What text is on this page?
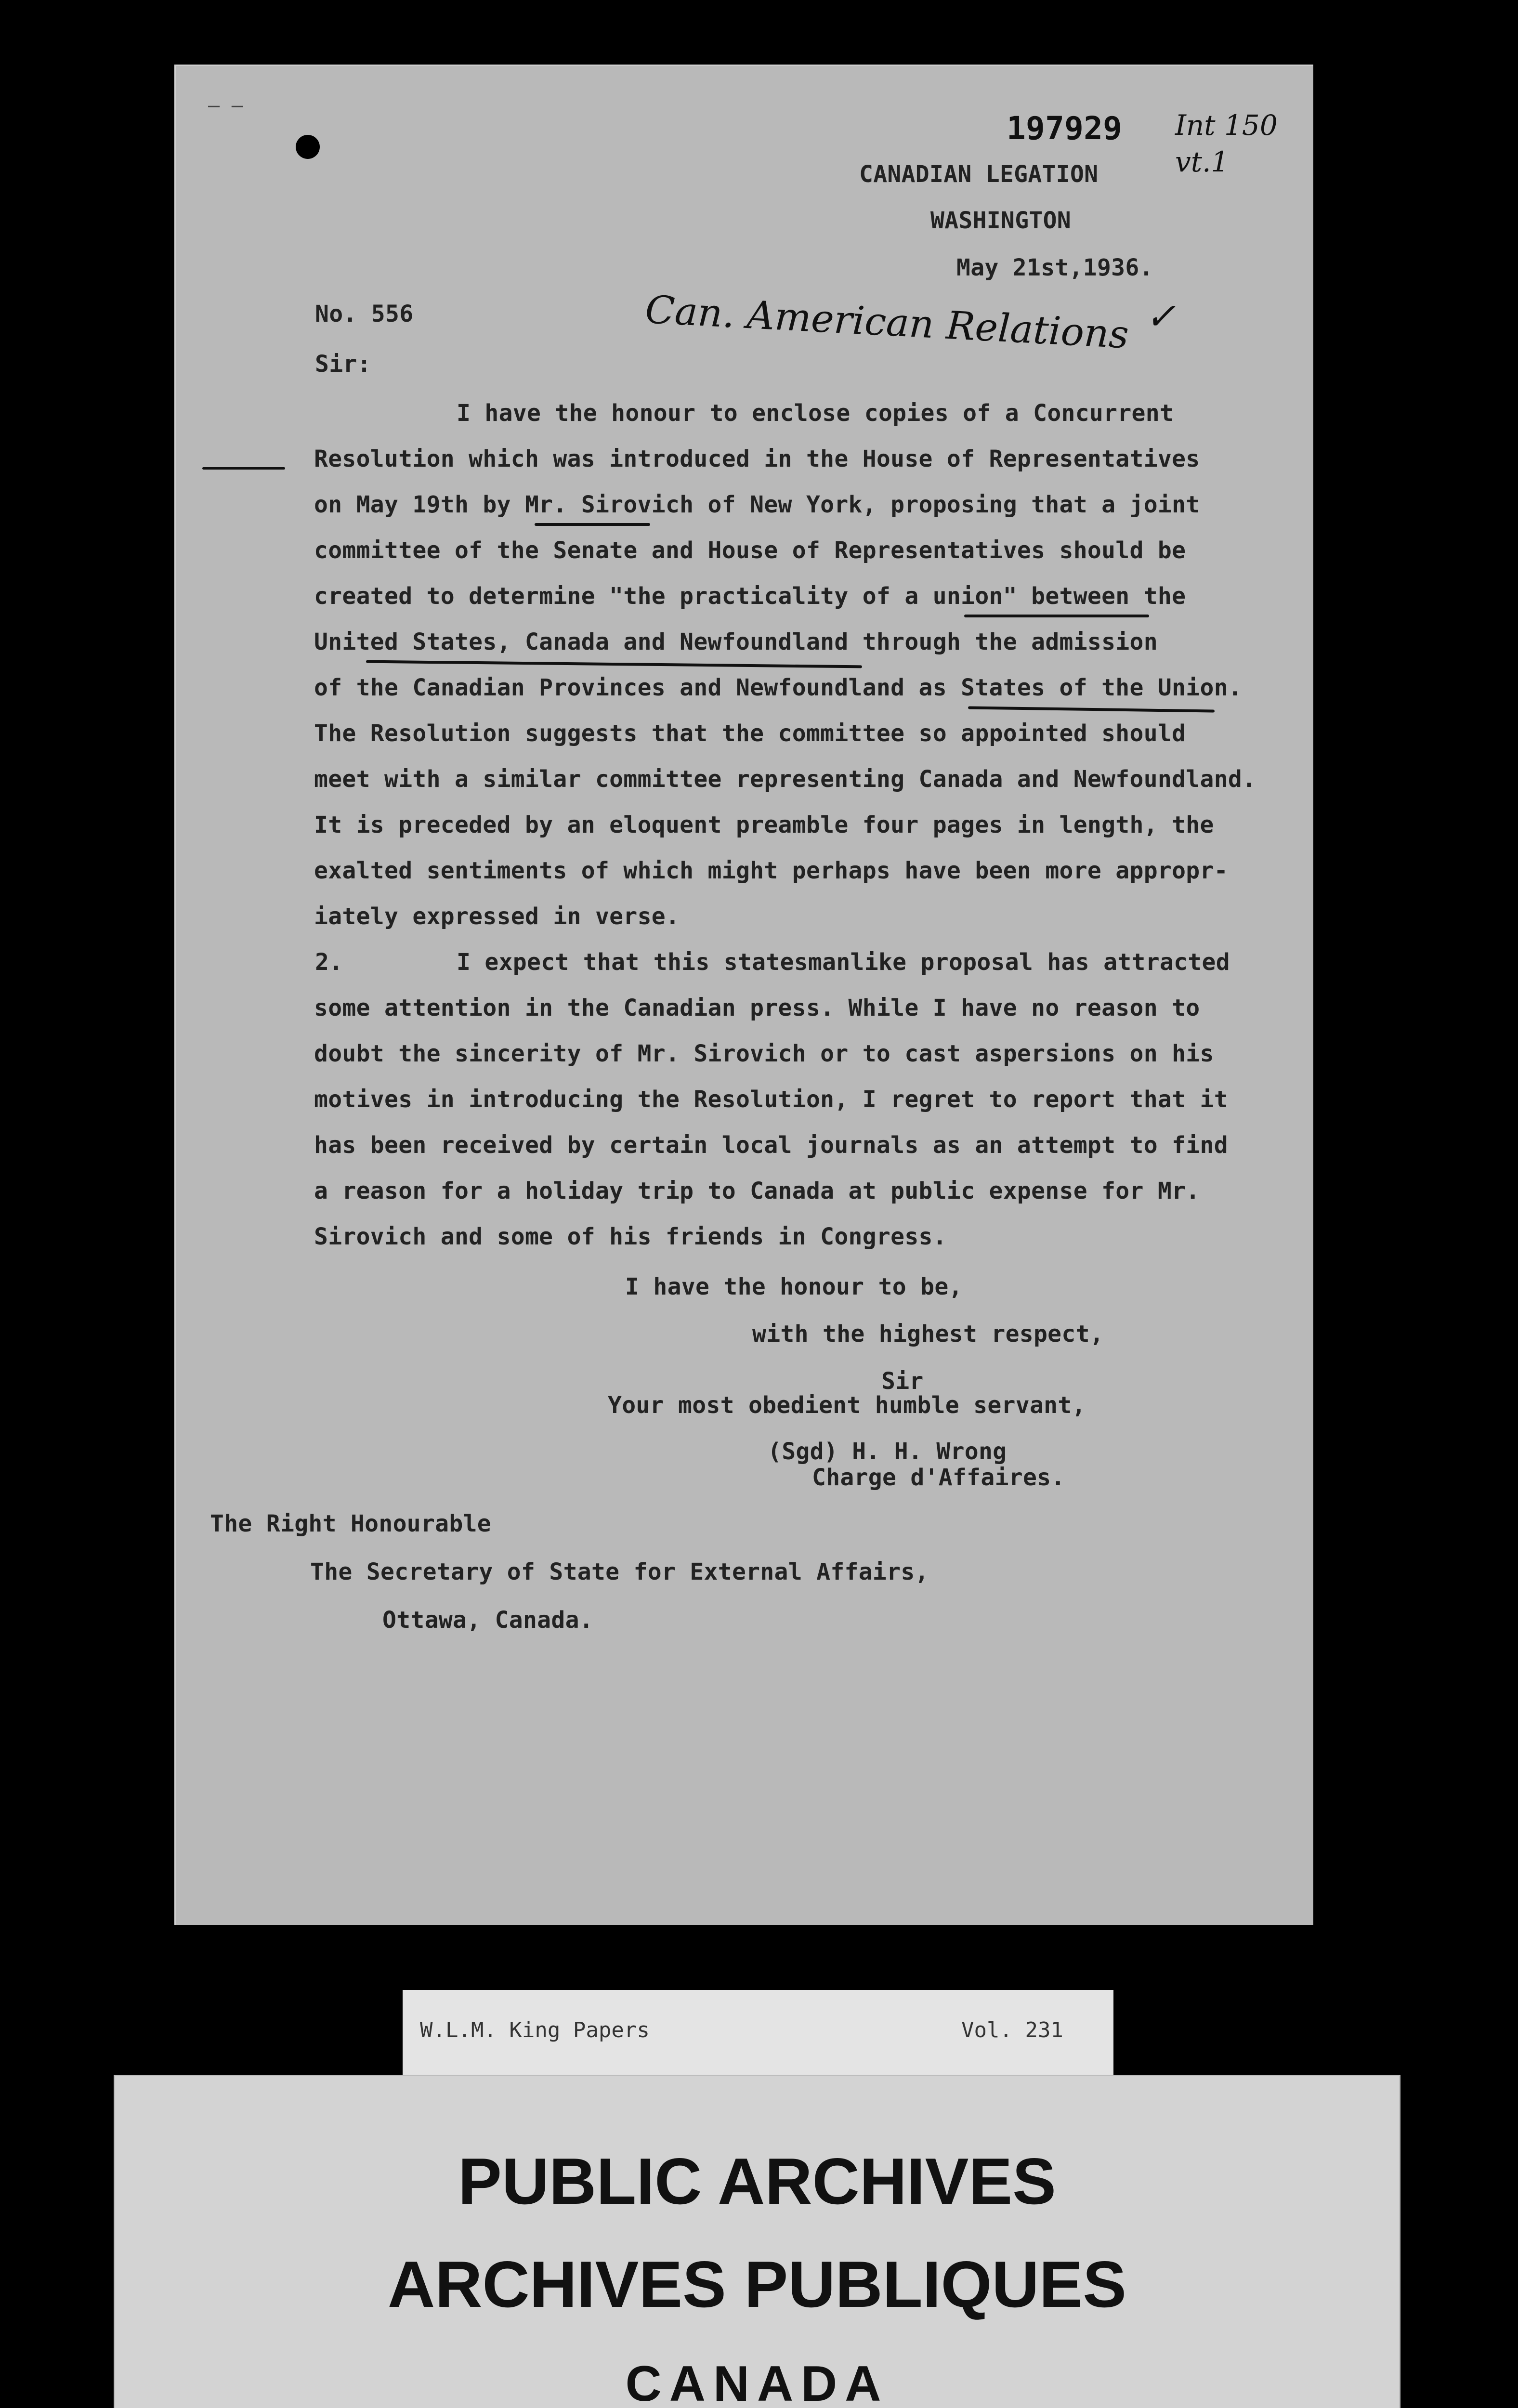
— —
197929 Int 150
vt.1
CANADIAN LEGATION
WASHINGTON
May 21st,1936.
No. 556	Can. American Relations ✓
Sir:
I have the honour to enclose copies of a Concurrent
Resolution which was introduced in the House of Representatives
on May 19th by Mr. Sirovich of New York, proposing that a joint
committee of the Senate and House of Representatives should be
created to determine "the practicality of a union" between the
United States, Canada and Newfoundland through the admission
of the Canadian Provinces and Newfoundland as States of the Union.
The Resolution suggests that the committee so appointed should
meet with a similar committee representing Canada and Newfoundland.
It is preceded by an eloquent preamble four pages in length, the
exalted sentiments of which might perhaps have been more appropr-
iately expressed in verse.
2.	I expect that this statesmanlike proposal has attracted
some attention in the Canadian press. While I have no reason to
doubt the sincerity of Mr. Sirovich or to cast aspersions on his
motives in introducing the Resolution, I regret to report that it
has been received by certain local journals as an attempt to find
a reason for a holiday trip to Canada at public expense for Mr.
Sirovich and some of his friends in Congress.
I have the honour to be,
with the highest respect,
Sir
Your most obedient humble servant,
(Sgd) H. H. Wrong
Charge d'Affaires.
The Right Honourable
The Secretary of State for External Affairs,
Ottawa, Canada.
W.L.M. King Papers	Vol. 231
PUBLIC ARCHIVES
ARCHIVES PUBLIQUES
CANADA
